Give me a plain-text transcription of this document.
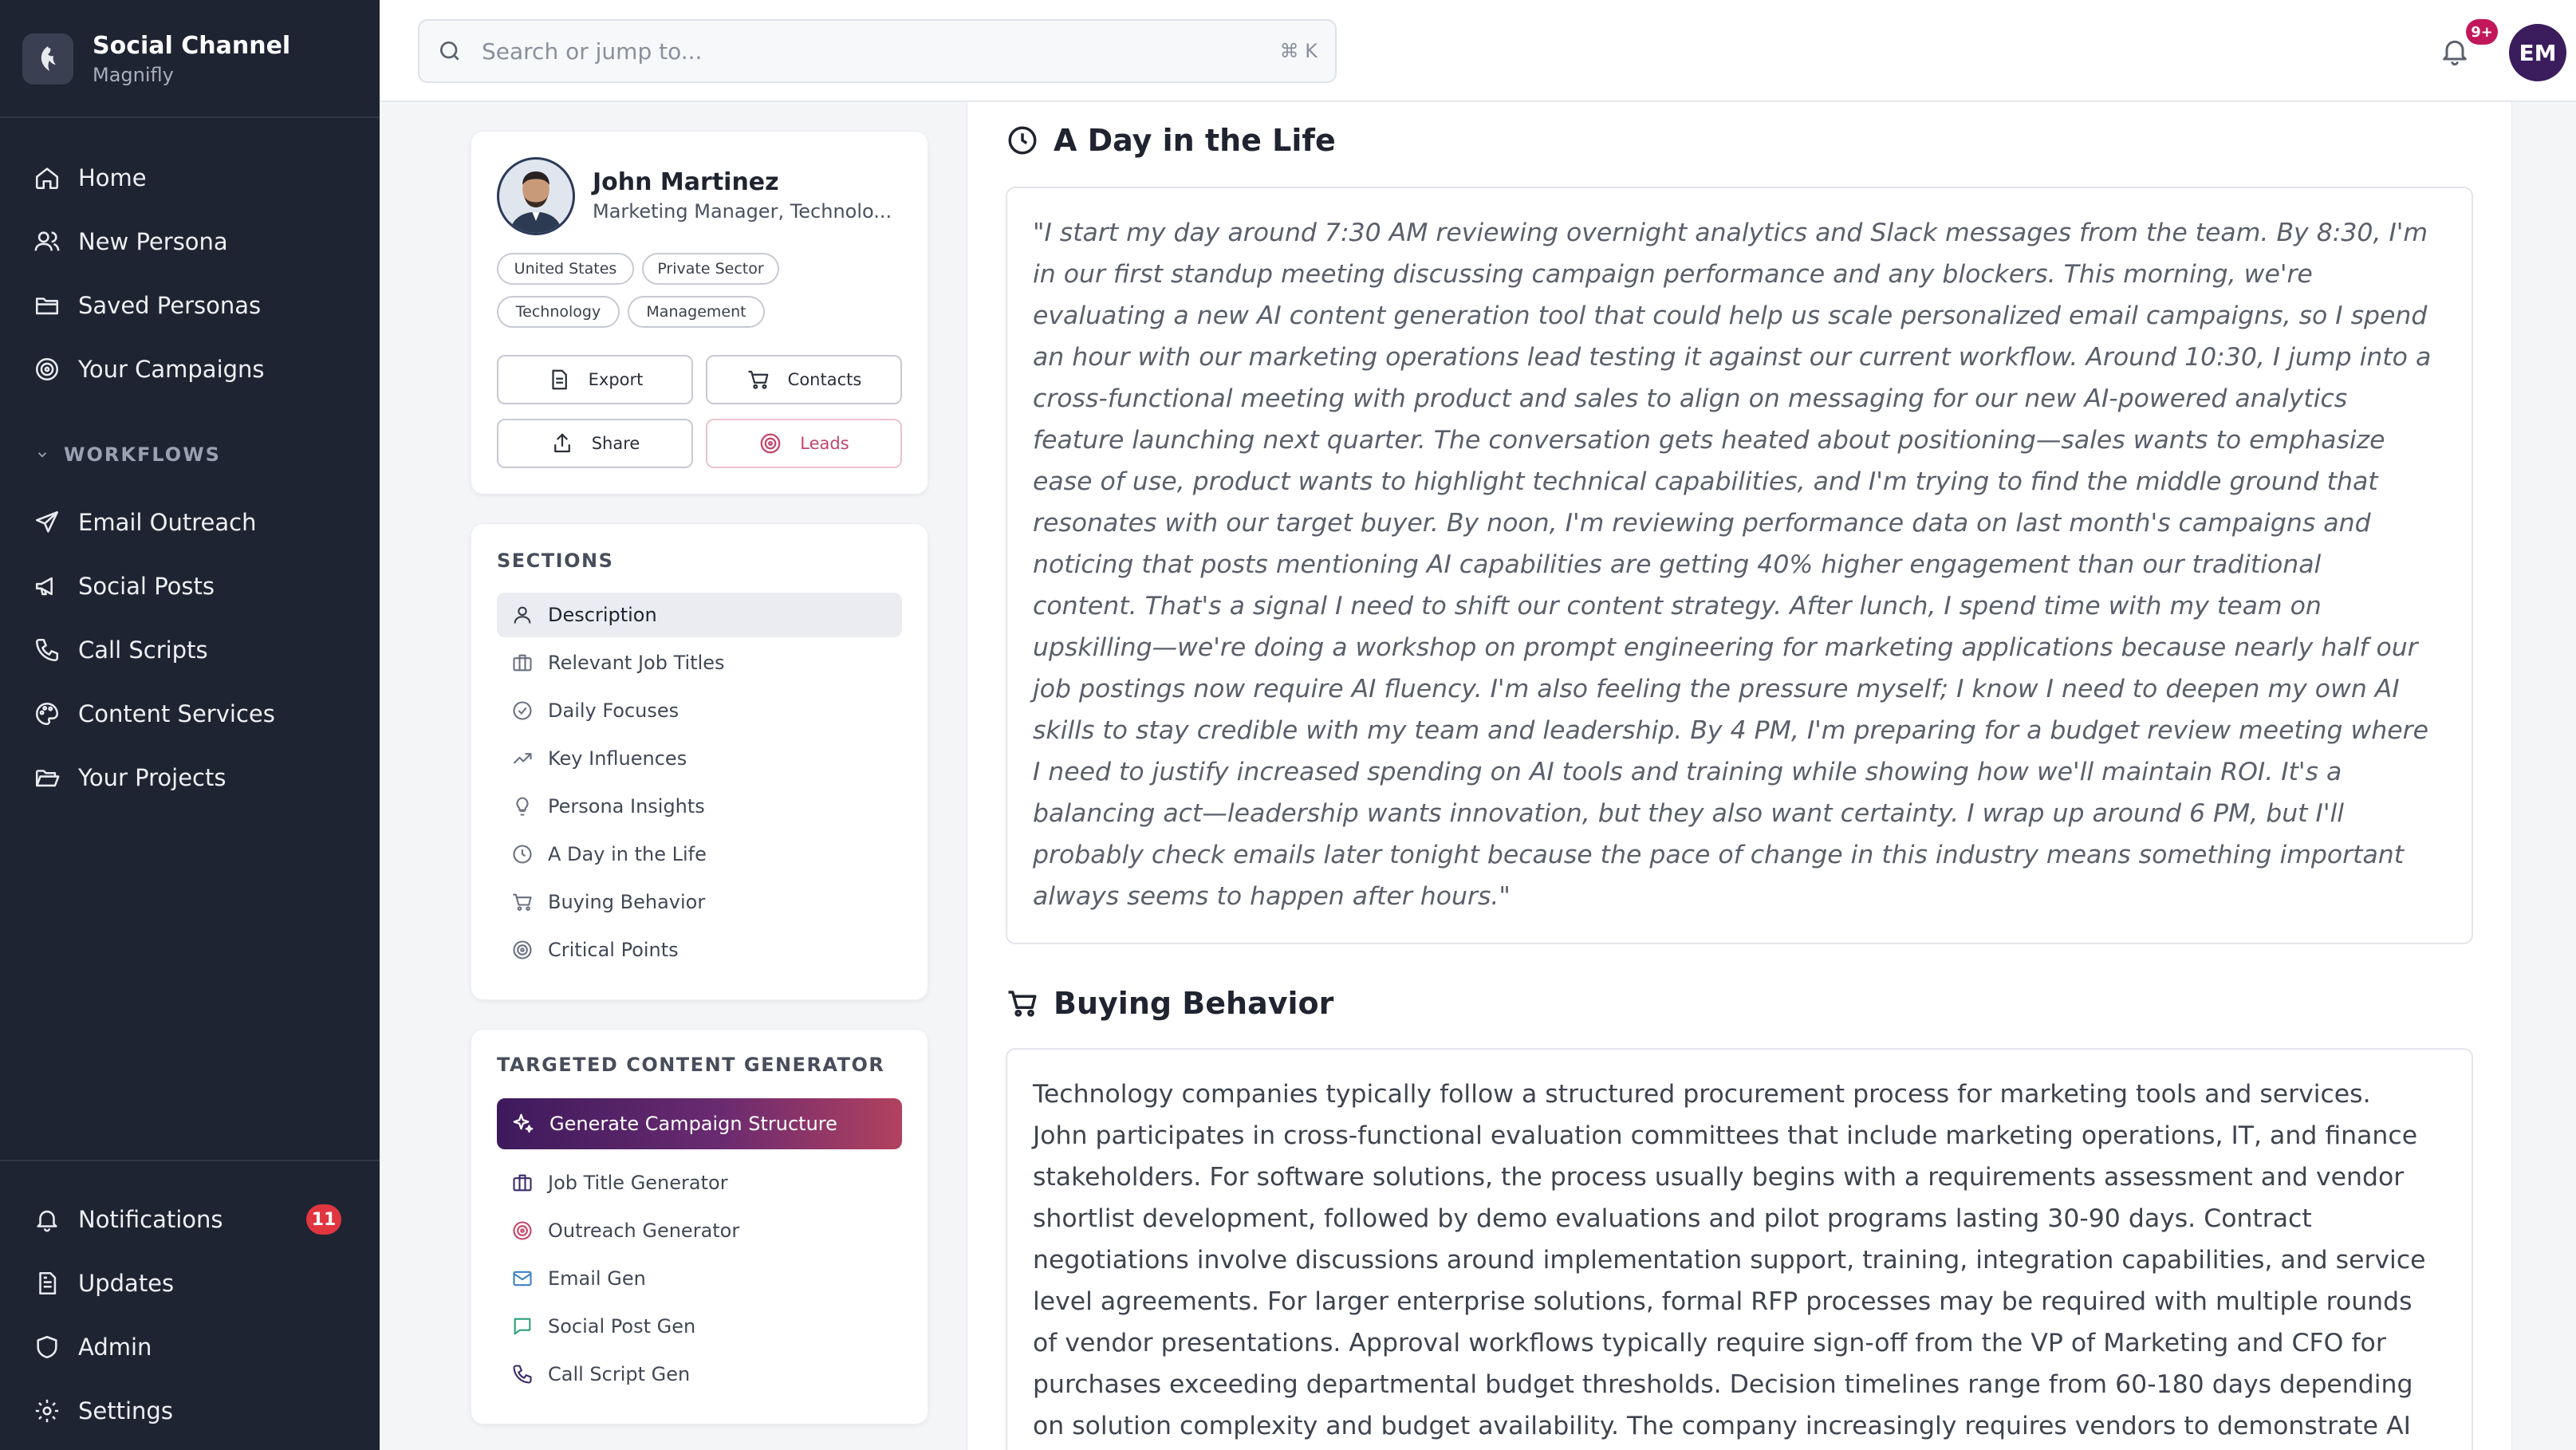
Social Channel
Magnifly
Home
New Persona
Saved Personas
Your Campaigns
WORKFLOWS
Email Outreach
Social Posts
Call Scripts
Content Services
Your Projects
Notifications	11
Updates
Admin
Settings
Search or jump to...	⌘ K
9+
EM
John Martinez
Marketing Manager, Technolo...
United States	Private Sector
Technology	Management
Export	Contacts
Share	Leads
SECTIONS
Description
Relevant Job Titles
Daily Focuses
Key Influences
Persona Insights
A Day in the Life
Buying Behavior
Critical Points
TARGETED CONTENT GENERATOR
Generate Campaign Structure
Job Title Generator
Outreach Generator
Email Gen
Social Post Gen
Call Script Gen
A Day in the Life
"I start my day around 7:30 AM reviewing overnight analytics and Slack messages from the team. By 8:30, I'm
in our first standup meeting discussing campaign performance and any blockers. This morning, we're
evaluating a new AI content generation tool that could help us scale personalized email campaigns, so I spend
an hour with our marketing operations lead testing it against our current workflow. Around 10:30, I jump into a
cross-functional meeting with product and sales to align on messaging for our new AI-powered analytics
feature launching next quarter. The conversation gets heated about positioning—sales wants to emphasize
ease of use, product wants to highlight technical capabilities, and I'm trying to find the middle ground that
resonates with our target buyer. By noon, I'm reviewing performance data on last month's campaigns and
noticing that posts mentioning AI capabilities are getting 40% higher engagement than our traditional
content. That's a signal I need to shift our content strategy. After lunch, I spend time with my team on
upskilling—we're doing a workshop on prompt engineering for marketing applications because nearly half our
job postings now require AI fluency. I'm also feeling the pressure myself; I know I need to deepen my own AI
skills to stay credible with my team and leadership. By 4 PM, I'm preparing for a budget review meeting where
I need to justify increased spending on AI tools and training while showing how we'll maintain ROI. It's a
balancing act—leadership wants innovation, but they also want certainty. I wrap up around 6 PM, but I'll
probably check emails later tonight because the pace of change in this industry means something important
always seems to happen after hours."
Buying Behavior
Technology companies typically follow a structured procurement process for marketing tools and services.
John participates in cross-functional evaluation committees that include marketing operations, IT, and finance
stakeholders. For software solutions, the process usually begins with a requirements assessment and vendor
shortlist development, followed by demo evaluations and pilot programs lasting 30-90 days. Contract
negotiations involve discussions around implementation support, training, integration capabilities, and service
level agreements. For larger enterprise solutions, formal RFP processes may be required with multiple rounds
of vendor presentations. Approval workflows typically require sign-off from the VP of Marketing and CFO for
purchases exceeding departmental budget thresholds. Decision timelines range from 60-180 days depending
on solution complexity and budget availability. The company increasingly requires vendors to demonstrate AI
